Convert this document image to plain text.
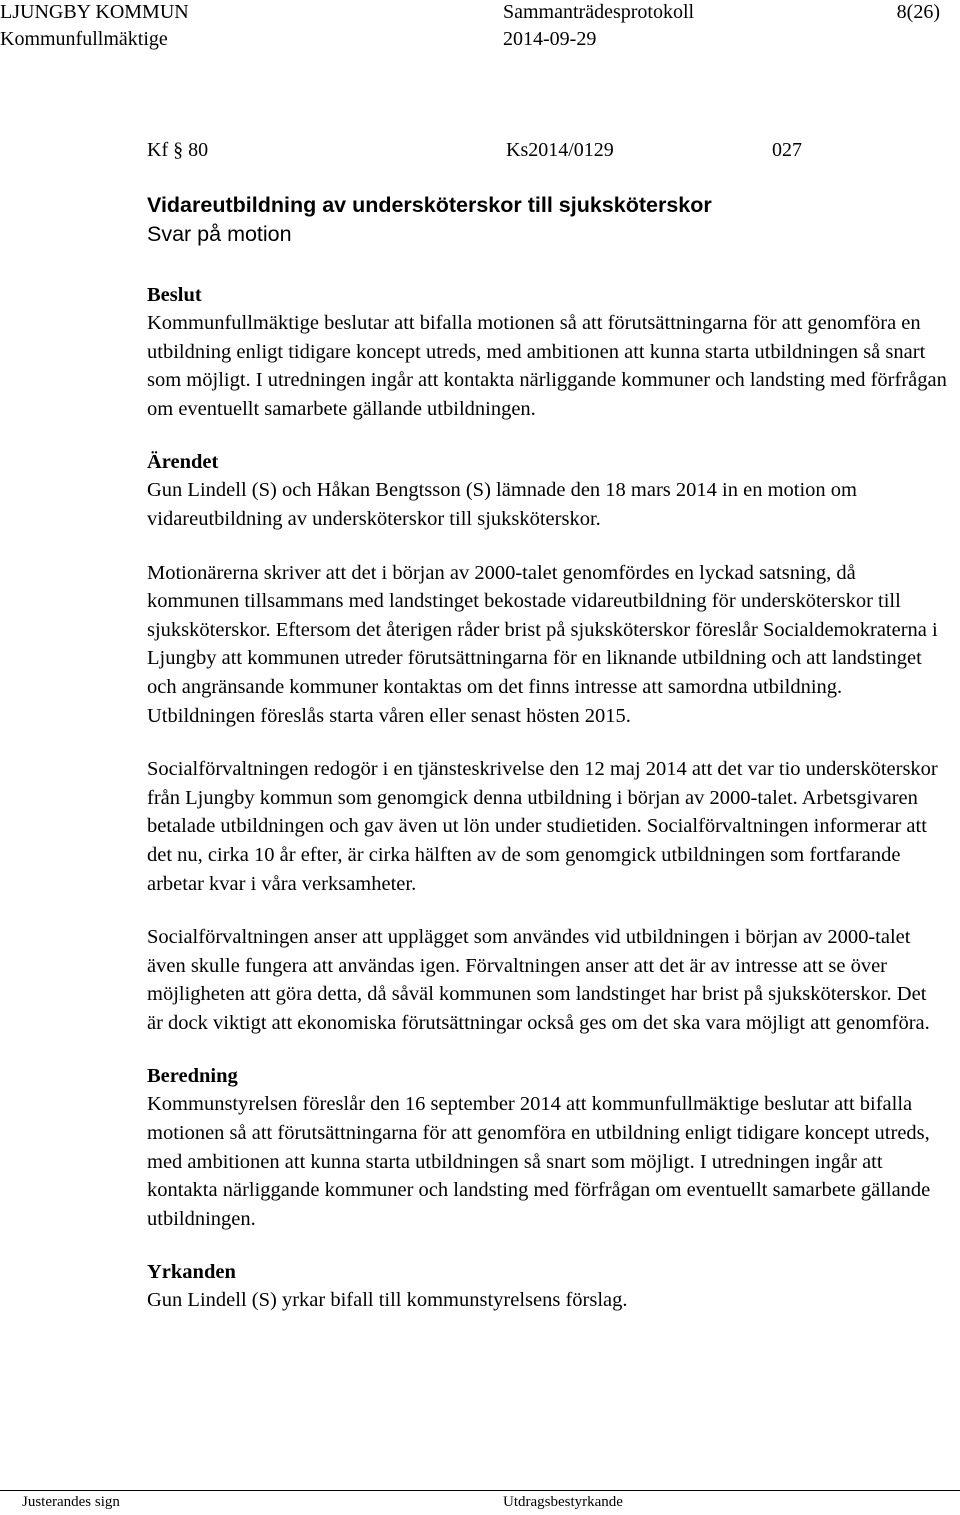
LJUNGBY KOMMUN
Kommunfullmäktige
Sammanträdesprotokoll
2014-09-29
8(26)
Kf § 80	Ks2014/0129	027
Vidareutbildning av undersköterskor till sjuksköterskor
Svar på motion
Beslut

Kommunfullmäktige beslutar att bifalla motionen så att förutsättningarna för att genomföra en utbildning enligt tidigare koncept utreds, med ambitionen att kunna starta utbildningen så snart som möjligt. I utredningen ingår att kontakta närliggande kommuner och landsting med förfrågan om eventuellt samarbete gällande utbildningen.

Ärendet

Gun Lindell (S) och Håkan Bengtsson (S) lämnade den 18 mars 2014 in en motion om vidareutbildning av undersköterskor till sjuksköterskor.

Motionärerna skriver att det i början av 2000-talet genomfördes en lyckad satsning, då kommunen tillsammans med landstinget bekostade vidareutbildning för undersköterskor till sjuksköterskor. Eftersom det återigen råder brist på sjuksköterskor föreslår Socialdemokraterna i Ljungby att kommunen utreder förutsättningarna för en liknande utbildning och att landstinget och angränsande kommuner kontaktas om det finns intresse att samordna utbildning. Utbildningen föreslås starta våren eller senast hösten 2015.

Socialförvaltningen redogör i en tjänsteskrivelse den 12 maj 2014 att det var tio undersköterskor från Ljungby kommun som genomgick denna utbildning i början av 2000-talet. Arbetsgivaren betalade utbildningen och gav även ut lön under studietiden. Socialförvaltningen informerar att det nu, cirka 10 år efter, är cirka hälften av de som genomgick utbildningen som fortfarande arbetar kvar i våra verksamheter.

Socialförvaltningen anser att upplägget som användes vid utbildningen i början av 2000-talet även skulle fungera att användas igen. Förvaltningen anser att det är av intresse att se över möjligheten att göra detta, då såväl kommunen som landstinget har brist på sjuksköterskor. Det är dock viktigt att ekonomiska förutsättningar också ges om det ska vara möjligt att genomföra.

Beredning

Kommunstyrelsen föreslår den 16 september 2014 att kommunfullmäktige beslutar att bifalla motionen så att förutsättningarna för att genomföra en utbildning enligt tidigare koncept utreds, med ambitionen att kunna starta utbildningen så snart som möjligt. I utredningen ingår att kontakta närliggande kommuner och landsting med förfrågan om eventuellt samarbete gällande utbildningen.

Yrkanden

Gun Lindell (S) yrkar bifall till kommunstyrelsens förslag.

Justerandes sign	Utdragsbestyrkande
